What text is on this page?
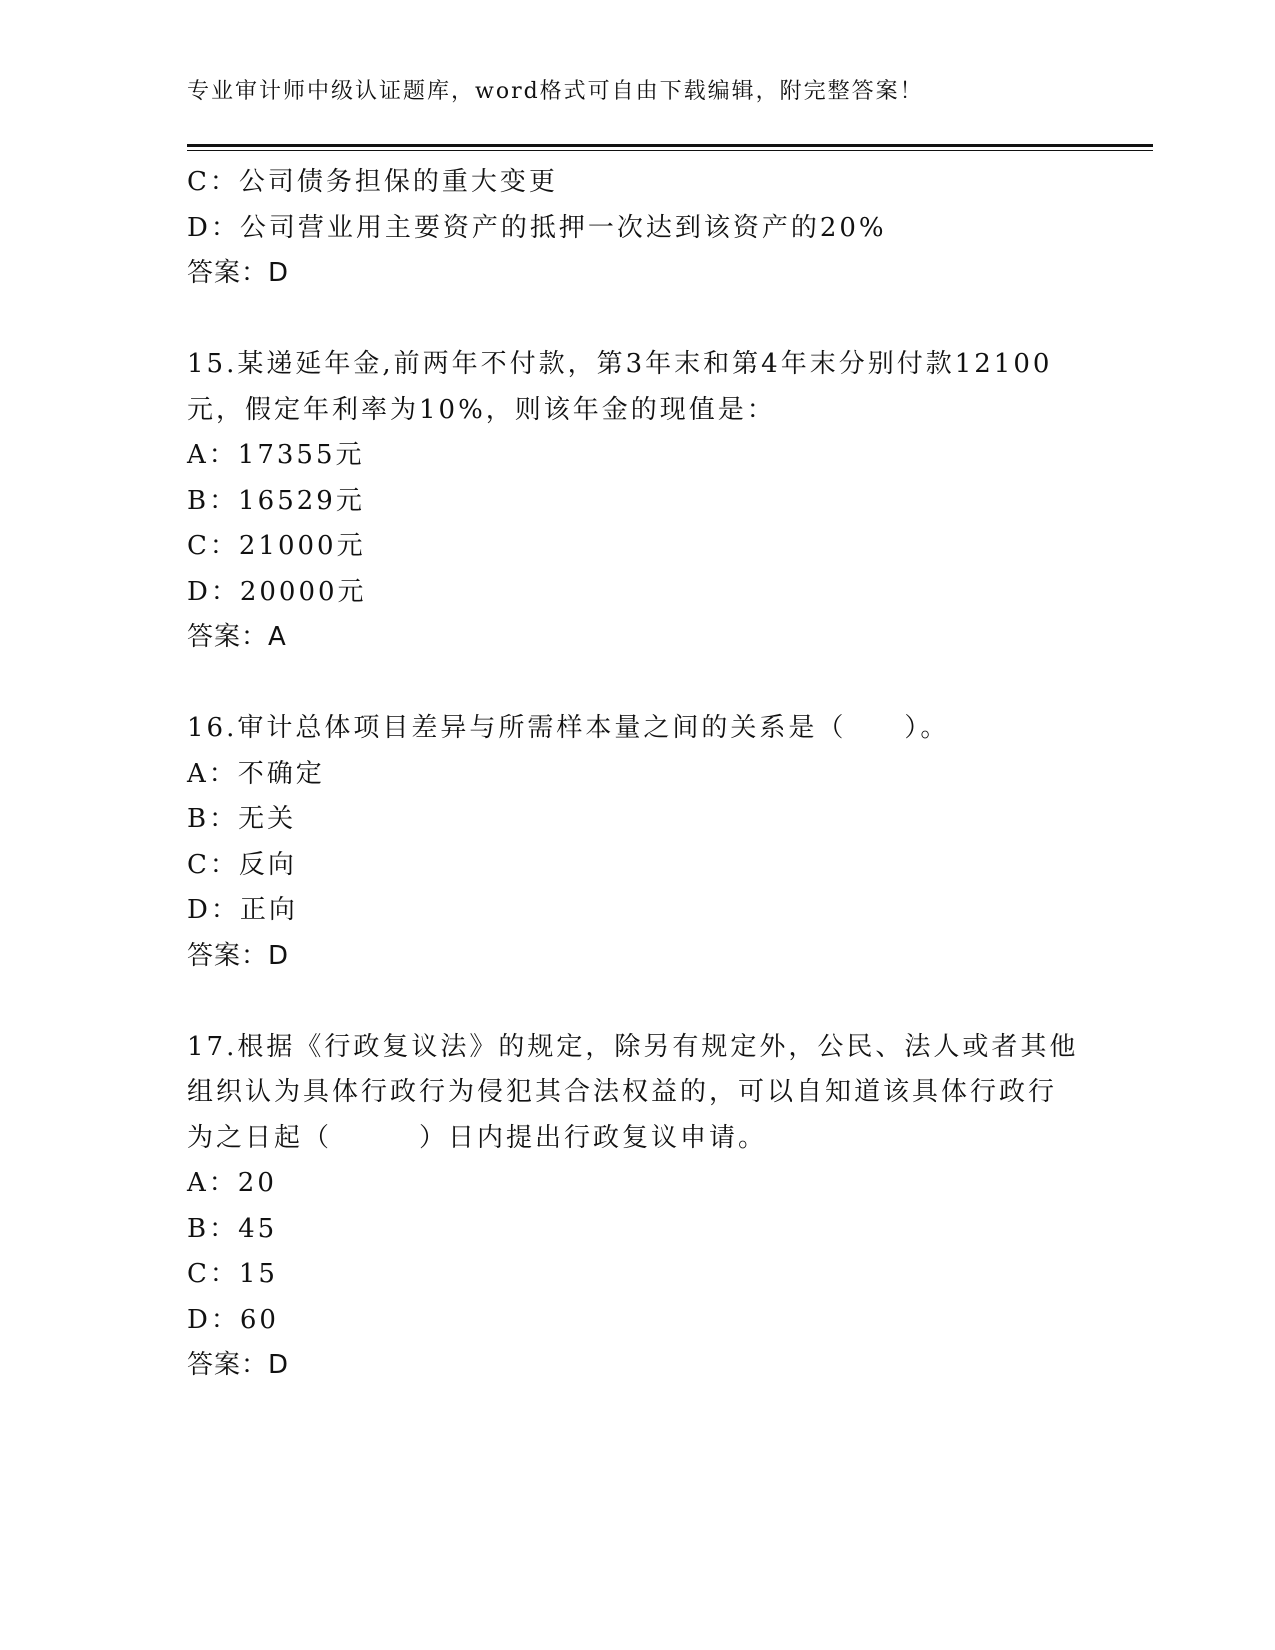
专业审计师中级认证题库，word格式可自由下载编辑，附完整答案！
C：公司债务担保的重大变更
D：公司营业用主要资产的抵押一次达到该资产的20%
答案：D
15.某递延年金,前两年不付款，第3年末和第4年末分别付款12100
元，假定年利率为10%，则该年金的现值是：
A：17355元
B：16529元
C：21000元
D：20000元
答案：A
16.审计总体项目差异与所需样本量之间的关系是（　　）。
A：不确定
B：无关
C：反向
D：正向
答案：D
17.根据《行政复议法》的规定，除另有规定外，公民、法人或者其他
组织认为具体行政行为侵犯其合法权益的，可以自知道该具体行政行
为之日起（　　　）日内提出行政复议申请。
A：20
B：45
C：15
D：60
答案：D
